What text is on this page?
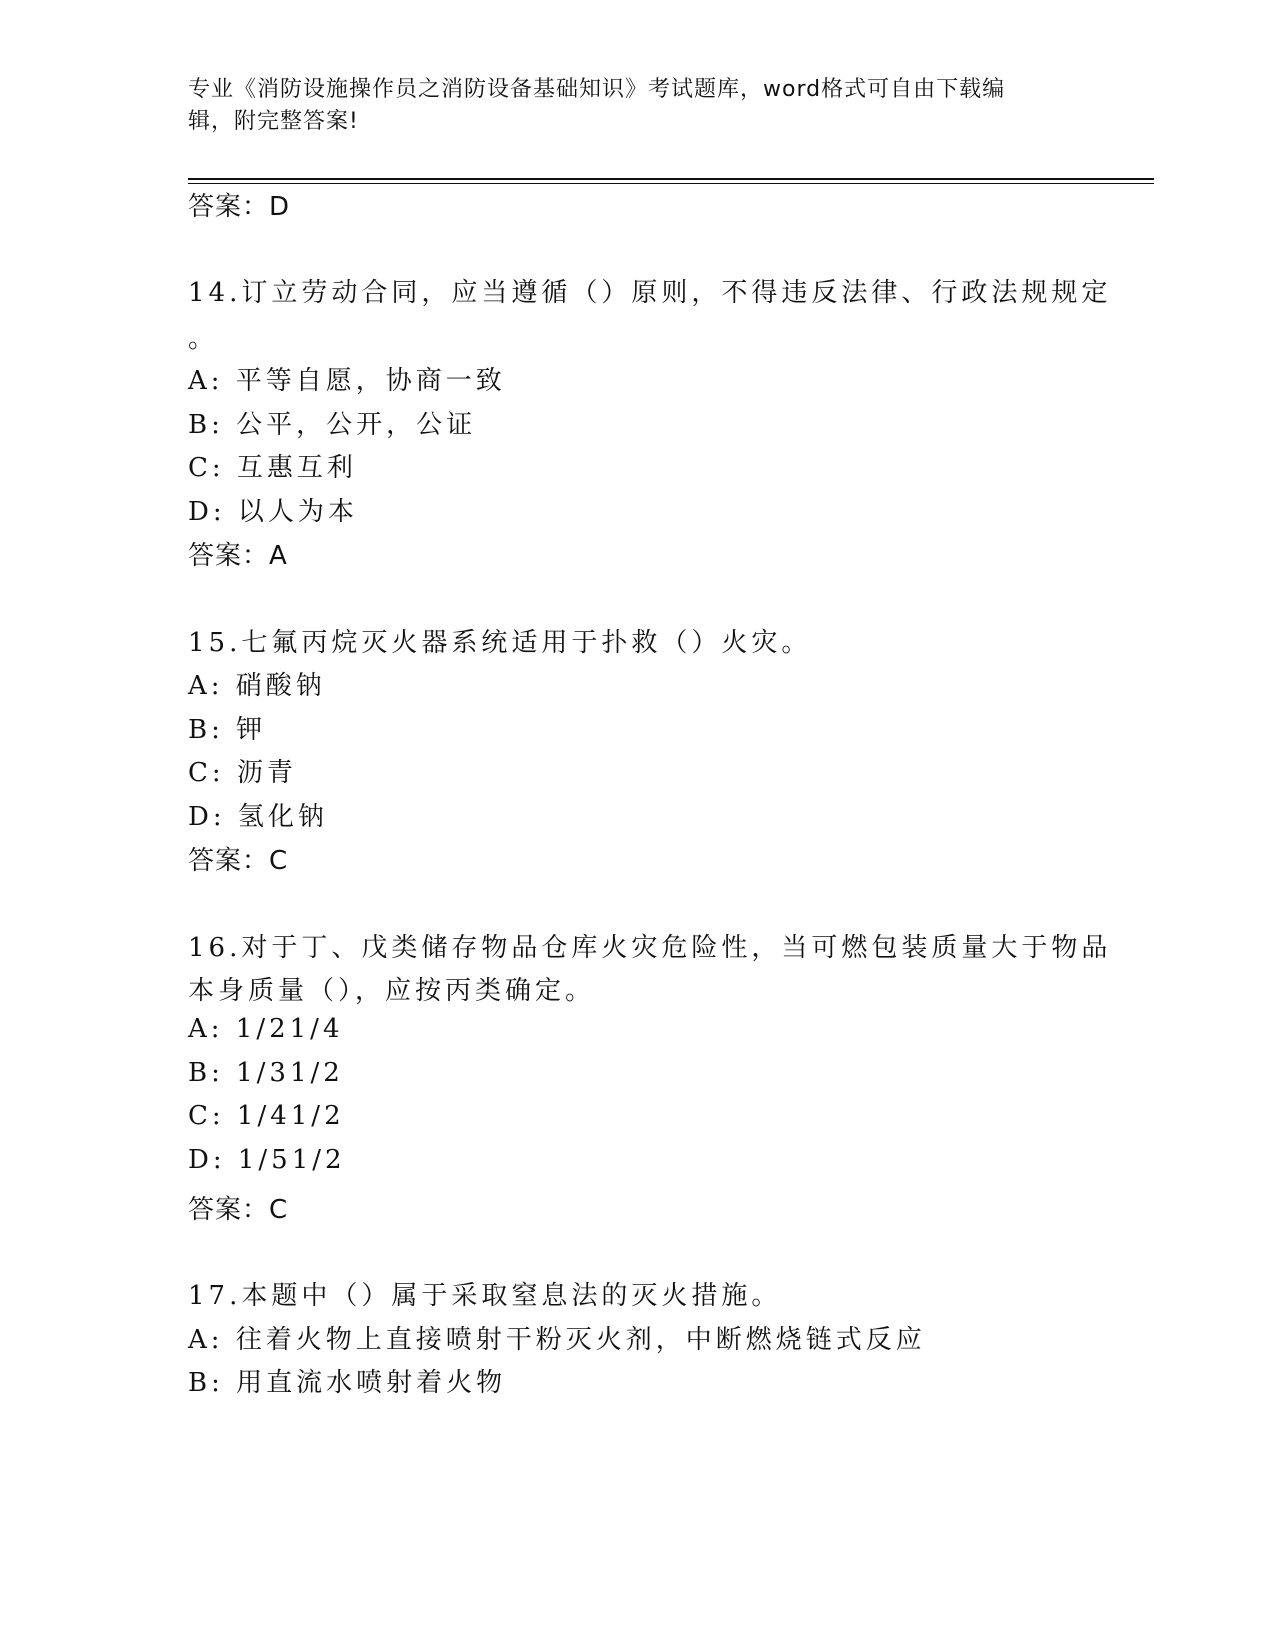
专业《消防设施操作员之消防设备基础知识》考试题库，word格式可自由下载编
辑，附完整答案!
答案：D
14.订立劳动合同，应当遵循（）原则，不得违反法律、行政法规规定
。
A: 平等自愿，协商一致
B: 公平，公开，公证
C: 互惠互利
D: 以人为本
答案：A
15.七氟丙烷灭火器系统适用于扑救（）火灾。
A: 硝酸钠
B: 钾
C: 沥青
D: 氢化钠
答案：C
16.对于丁、戊类储存物品仓库火灾危险性，当可燃包装质量大于物品
本身质量（），应按丙类确定。
A: 1/21/4
B: 1/31/2
C: 1/41/2
D: 1/51/2
答案：C
17.本题中（）属于采取窒息法的灭火措施。
A: 往着火物上直接喷射干粉灭火剂，中断燃烧链式反应
B: 用直流水喷射着火物
